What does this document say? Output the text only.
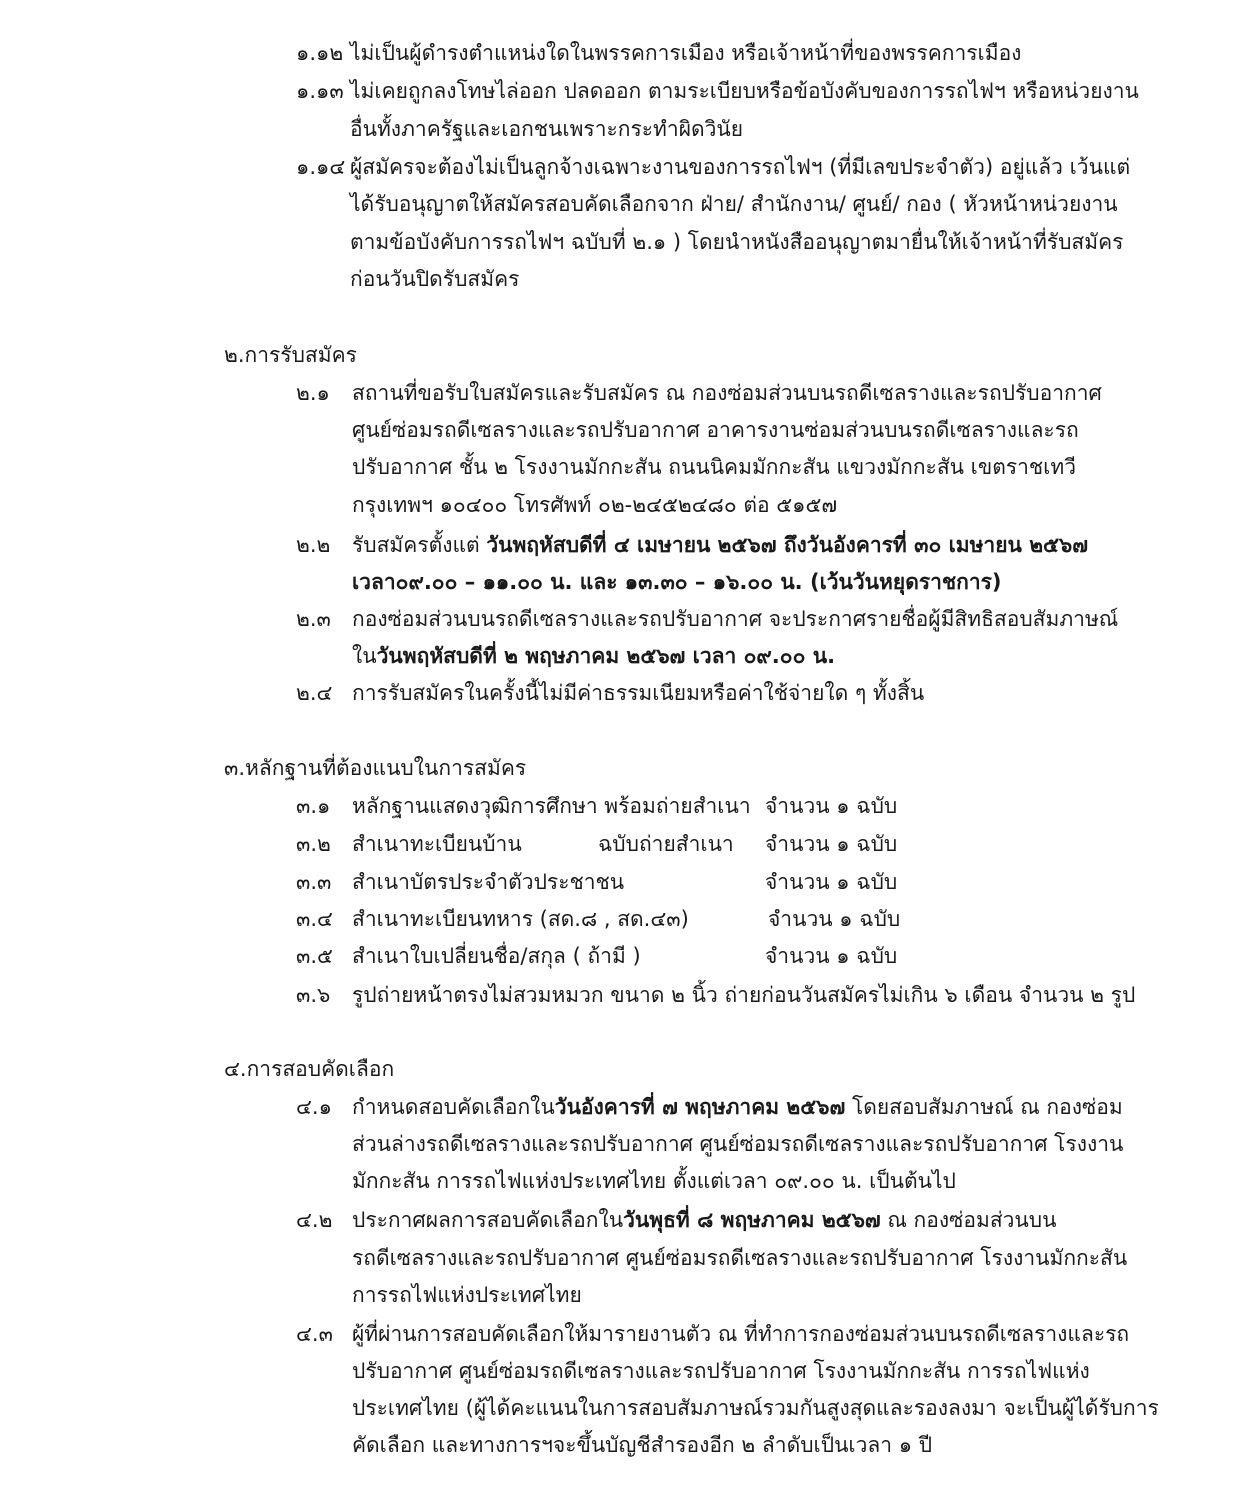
๑.๑๒ ไม่เป็นผู้ดำรงตำแหน่งใดในพรรคการเมือง หรือเจ้าหน้าที่ของพรรคการเมือง
๑.๑๓ ไม่เคยถูกลงโทษไล่ออก ปลดออก ตามระเบียบหรือข้อบังคับของการรถไฟฯ หรือหน่วยงาน
อื่นทั้งภาครัฐและเอกชนเพราะกระทำผิดวินัย
๑.๑๔ ผู้สมัครจะต้องไม่เป็นลูกจ้างเฉพาะงานของการรถไฟฯ (ที่มีเลขประจำตัว) อยู่แล้ว เว้นแต่
ได้รับอนุญาตให้สมัครสอบคัดเลือกจาก ฝ่าย/ สำนักงาน/ ศูนย์/ กอง ( หัวหน้าหน่วยงาน
ตามข้อบังคับการรถไฟฯ ฉบับที่ ๒.๑ ) โดยนำหนังสืออนุญาตมายื่นให้เจ้าหน้าที่รับสมัคร
ก่อนวันปิดรับสมัคร
๒.การรับสมัคร
๒.๑ สถานที่ขอรับใบสมัครและรับสมัคร ณ กองซ่อมส่วนบนรถดีเซลรางและรถปรับอากาศ
ศูนย์ซ่อมรถดีเซลรางและรถปรับอากาศ อาคารงานซ่อมส่วนบนรถดีเซลรางและรถ
ปรับอากาศ ชั้น ๒ โรงงานมักกะสัน ถนนนิคมมักกะสัน แขวงมักกะสัน เขตราชเทวี
กรุงเทพฯ ๑๐๔๐๐ โทรศัพท์ ๐๒-๒๔๕๒๔๘๐ ต่อ ๕๑๕๗
๒.๒ รับสมัครตั้งแต่ วันพฤหัสบดีที่ ๔ เมษายน ๒๕๖๗ ถึงวันอังคารที่ ๓๐ เมษายน ๒๕๖๗
เวลา๐๙.๐๐ – ๑๑.๐๐ น. และ ๑๓.๓๐ – ๑๖.๐๐ น. (เว้นวันหยุดราชการ)
๒.๓ กองซ่อมส่วนบนรถดีเซลรางและรถปรับอากาศ จะประกาศรายชื่อผู้มีสิทธิสอบสัมภาษณ์
ในวันพฤหัสบดีที่ ๒ พฤษภาคม ๒๕๖๗ เวลา ๐๙.๐๐ น.
๒.๔ การรับสมัครในครั้งนี้ไม่มีค่าธรรมเนียมหรือค่าใช้จ่ายใด ๆ ทั้งสิ้น
๓.หลักฐานที่ต้องแนบในการสมัคร
๓.๑ หลักฐานแสดงวุฒิการศึกษา พร้อมถ่ายสำเนา จำนวน ๑ ฉบับ
๓.๒ สำเนาทะเบียนบ้าน	ฉบับถ่ายสำเนา จำนวน ๑ ฉบับ
๓.๓ สำเนาบัตรประจำตัวประชาชน	จำนวน ๑ ฉบับ
๓.๔ สำเนาทะเบียนทหาร (สด.๘ , สด.๔๓)	จำนวน ๑ ฉบับ
๓.๕ สำเนาใบเปลี่ยนชื่อ/สกุล ( ถ้ามี )	จำนวน ๑ ฉบับ
๓.๖ รูปถ่ายหน้าตรงไม่สวมหมวก ขนาด ๒ นิ้ว ถ่ายก่อนวันสมัครไม่เกิน ๖ เดือน จำนวน ๒ รูป
๔.การสอบคัดเลือก
๔.๑ กำหนดสอบคัดเลือกในวันอังคารที่ ๗ พฤษภาคม ๒๕๖๗ โดยสอบสัมภาษณ์ ณ กองซ่อม
ส่วนล่างรถดีเซลรางและรถปรับอากาศ ศูนย์ซ่อมรถดีเซลรางและรถปรับอากาศ โรงงาน
มักกะสัน การรถไฟแห่งประเทศไทย ตั้งแต่เวลา ๐๙.๐๐ น. เป็นต้นไป
๔.๒ ประกาศผลการสอบคัดเลือกในวันพุธที่ ๘ พฤษภาคม ๒๕๖๗ ณ กองซ่อมส่วนบน
รถดีเซลรางและรถปรับอากาศ ศูนย์ซ่อมรถดีเซลรางและรถปรับอากาศ โรงงานมักกะสัน
การรถไฟแห่งประเทศไทย
๔.๓ ผู้ที่ผ่านการสอบคัดเลือกให้มารายงานตัว ณ ที่ทำการกองซ่อมส่วนบนรถดีเซลรางและรถ
ปรับอากาศ ศูนย์ซ่อมรถดีเซลรางและรถปรับอากาศ โรงงานมักกะสัน การรถไฟแห่ง
ประเทศไทย (ผู้ได้คะแนนในการสอบสัมภาษณ์รวมกันสูงสุดและรองลงมา จะเป็นผู้ได้รับการ
คัดเลือก และทางการฯจะขึ้นบัญชีสำรองอีก ๒ ลำดับเป็นเวลา ๑ ปี
